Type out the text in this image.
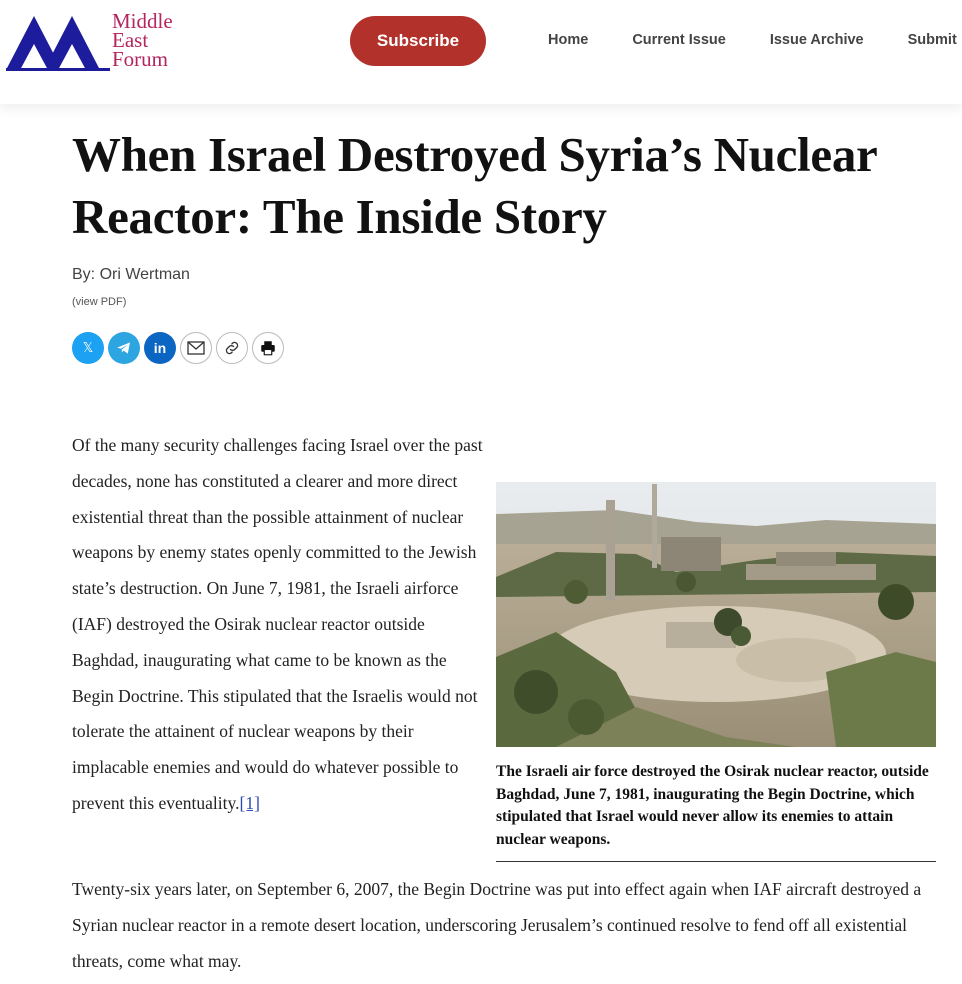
Middle
East
Forum
Subscribe	Home	Current Issue	Issue Archive	Submit
When Israel Destroyed Syria’s Nuclear Reactor: The Inside Story
By: Ori Wertman
(view PDF)
𝕏	in

Of the many security challenges facing Israel over the past decades, none has constituted a clearer and more direct existential threat than the possible attainment of nuclear weapons by enemy states openly committed to the Jewish state’s destruction. On June 7, 1981, the Israeli airforce (IAF) destroyed the Osirak nuclear reactor outside Baghdad, inaugurating what came to be known as the Begin Doctrine. This stipulated that the Israelis would not tolerate the attainent of nuclear weapons by their implacable enemies and would do whatever possible to prevent this eventuality.[1]

The Israeli air force destroyed the Osirak nuclear reactor, outside Baghdad, June 7, 1981, inaugurating the Begin Doctrine, which stipulated that Israel would never allow its enemies to attain nuclear weapons.

Twenty-six years later, on September 6, 2007, the Begin Doctrine was put into effect again when IAF aircraft destroyed a Syrian nuclear reactor in a remote desert location, underscoring Jerusalem’s continued resolve to fend off all existential threats, come what may.
